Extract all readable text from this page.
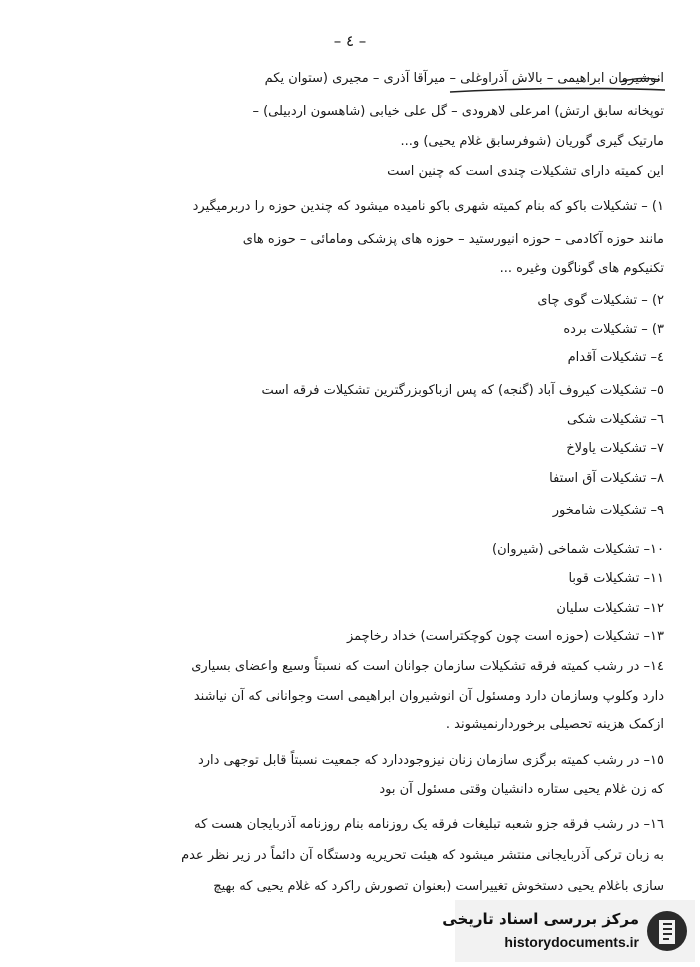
– ٤ –
انوشیروان ابراهیمی – بالاش آذراوغلی – میرآقا آذری – مجیری (ستوان یکم
توپخانه سابق ارتش) امرعلی لاهرودی – گل علی خیابی (شاهسون اردبیلی) –
مارتیک گیری گوریان (شوفرسابق غلام یحیی) و...
این کمیته دارای تشکیلات چندی است که چنین است
۱) – تشکیلات باکو که بنام کمیته شهری باکو نامیده میشود که چندین حوزه را دربرمیگیرد
مانند حوزه آکادمی – حوزه انیورستید – حوزه های پزشکی ومامائی – حوزه های
تکنیکوم های گوناگون وغیره ...
۲) – تشکیلات گوی چای
۳) – تشکیلات برده
٤– تشکیلات آقدام
٥– تشکیلات کیروف آباد (گنجه) که پس ازباکوبزرگترین تشکیلات فرقه است
٦– تشکیلات شکی
۷– تشکیلات یاولاخ
۸– تشکیلات آق استفا
۹– تشکیلات شامخور
۱۰– تشکیلات شماخی (شیروان)
۱۱– تشکیلات قوبا
۱۲– تشکیلات سلیان
۱۳– تشکیلات (حوزه است چون کوچکتراست) خداد رخاچمز
۱٤– در رشب کمیته فرقه تشکیلات سازمان جوانان است که نسبتاً وسیع واعضای بسیاری
دارد وکلوپ وسازمان دارد ومسئول آن انوشیروان ابراهیمی است وجوانانی که آن نیاشند
ازکمک هزینه تحصیلی برخوردارنمیشوند .
۱٥– در رشب کمیته برگزی سازمان زنان نیزوجوددارد که جمعیت نسبتاً قابل توجهی دارد
که زن غلام یحیی ستاره دانشیان وقتی مسئول آن بود
۱٦– در رشب فرقه جزو شعبه تبلیغات فرقه یک روزنامه بنام روزنامه آذربایجان هست که
به زبان ترکی آذربایجانی منتشر میشود که هیئت تحریریه ودستگاه آن دائماً در زیر نظر عدم
سازی باغلام یحیی دستخوش تغییراست (بعنوان تصورش راکرد که غلام یحیی که بهیچ
مرکز بررسی اسناد تاریخی
historydocuments.ir
